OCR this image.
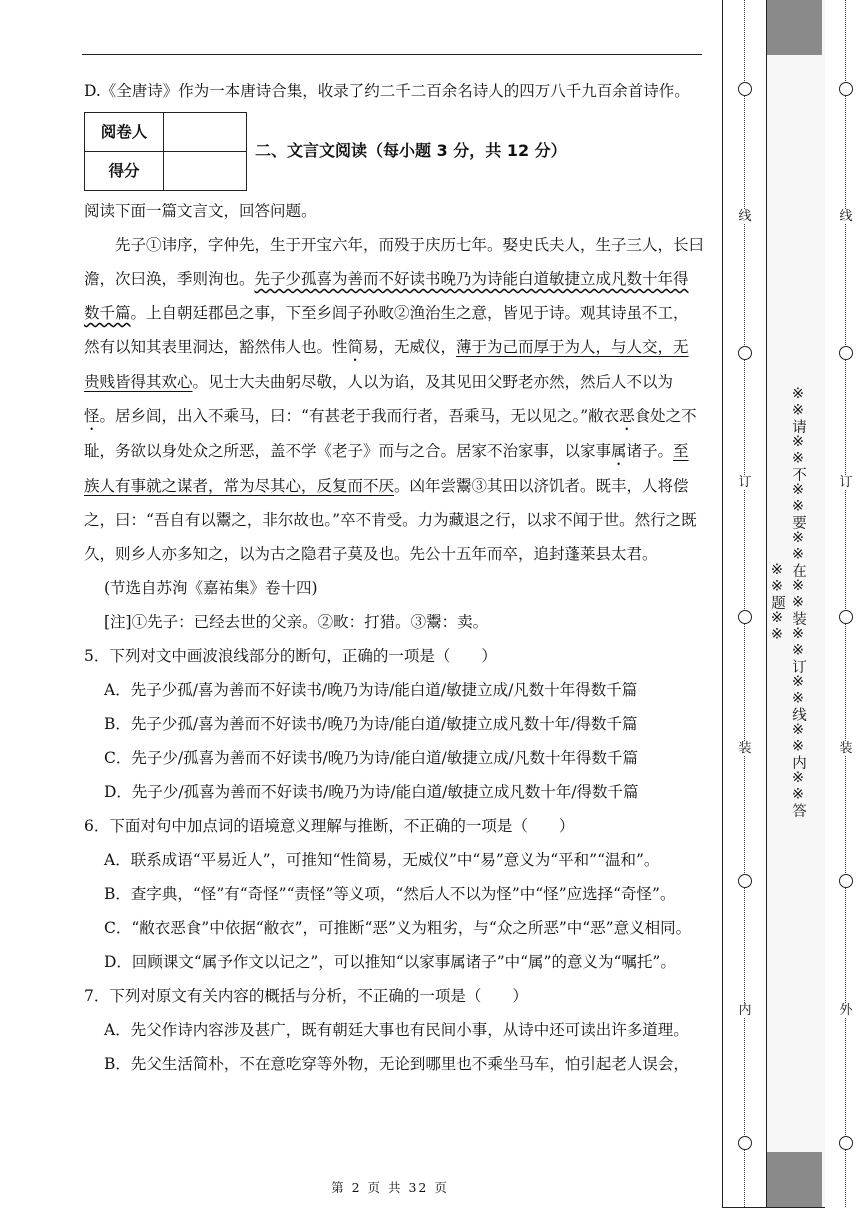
D.《全唐诗》作为一本唐诗合集，收录了约二千二百余名诗人的四万八千九百余首诗作。

阅卷人	
得分	
二、文言文阅读（每小题 3 分，共 12 分）

阅读下面一篇文言文，回答问题。

先子①讳序，字仲先，生于开宝六年，而殁于庆历七年。娶史氏夫人，生子三人，长曰澹，次曰涣，季则洵也。先子少孤喜为善而不好读书晚乃为诗能白道敏捷立成凡数十年得数千篇。上自朝廷郡邑之事，下至乡闾子孙畋②渔治生之意，皆见于诗。观其诗虽不工，然有以知其表里洞达，豁然伟人也。性简易，无威仪，薄于为己而厚于为人，与人交，无贵贱皆得其欢心。见士大夫曲躬尽敬，人以为谄，及其见田父野老亦然，然后人不以为怪。居乡闾，出入不乘马，曰：“有甚老于我而行者，吾乘马，无以见之。”敝衣恶食处之不耻，务欲以身处众之所恶，盖不学《老子》而与之合。居家不治家事，以家事属诸子。至族人有事就之谋者，常为尽其心，反复而不厌。凶年尝鬻③其田以济饥者。既丰，人将偿之，曰：“吾自有以鬻之，非尔故也。”卒不肯受。力为藏退之行，以求不闻于世。然行之既久，则乡人亦多知之，以为古之隐君子莫及也。先公十五年而卒，追封蓬莱县太君。

(节选自苏洵《嘉祐集》卷十四)

[注]①先子：已经去世的父亲。②畋：打猎。③鬻：卖。

5．下列对文中画波浪线部分的断句，正确的一项是（　　）

A．先子少孤/喜为善而不好读书/晚乃为诗/能白道/敏捷立成/凡数十年得数千篇

B．先子少孤/喜为善而不好读书/晚乃为诗/能白道/敏捷立成凡数十年/得数千篇

C．先子少/孤喜为善而不好读书/晚乃为诗/能白道/敏捷立成/凡数十年得数千篇

D．先子少/孤喜为善而不好读书/晚乃为诗/能白道/敏捷立成凡数十年/得数千篇

6．下面对句中加点词的语境意义理解与推断，不正确的一项是（　　）

A．联系成语“平易近人”，可推知“性简易，无威仪”中“易”意义为“平和”“温和”。

B．查字典，“怪”有“奇怪”“责怪”等义项，“然后人不以为怪”中“怪”应选择“奇怪”。

C．“敝衣恶食”中依据“敝衣”，可推断“恶”义为粗劣，与“众之所恶”中“恶”意义相同。

D．回顾课文“属予作文以记之”，可以推知“以家事属诸子”中“属”的意义为“嘱托”。

7．下列对原文有关内容的概括与分析，不正确的一项是（　　）

A．先父作诗内容涉及甚广，既有朝廷大事也有民间小事，从诗中还可读出许多道理。

B．先父生活简朴，不在意吃穿等外物，无论到哪里也不乘坐马车，怕引起老人误会，

第 2 页 共 32 页
线
订
装
内
线
订
装
外
※※请※※不※※要※※在※※装※※订※※线※※内※※答※※题※※
